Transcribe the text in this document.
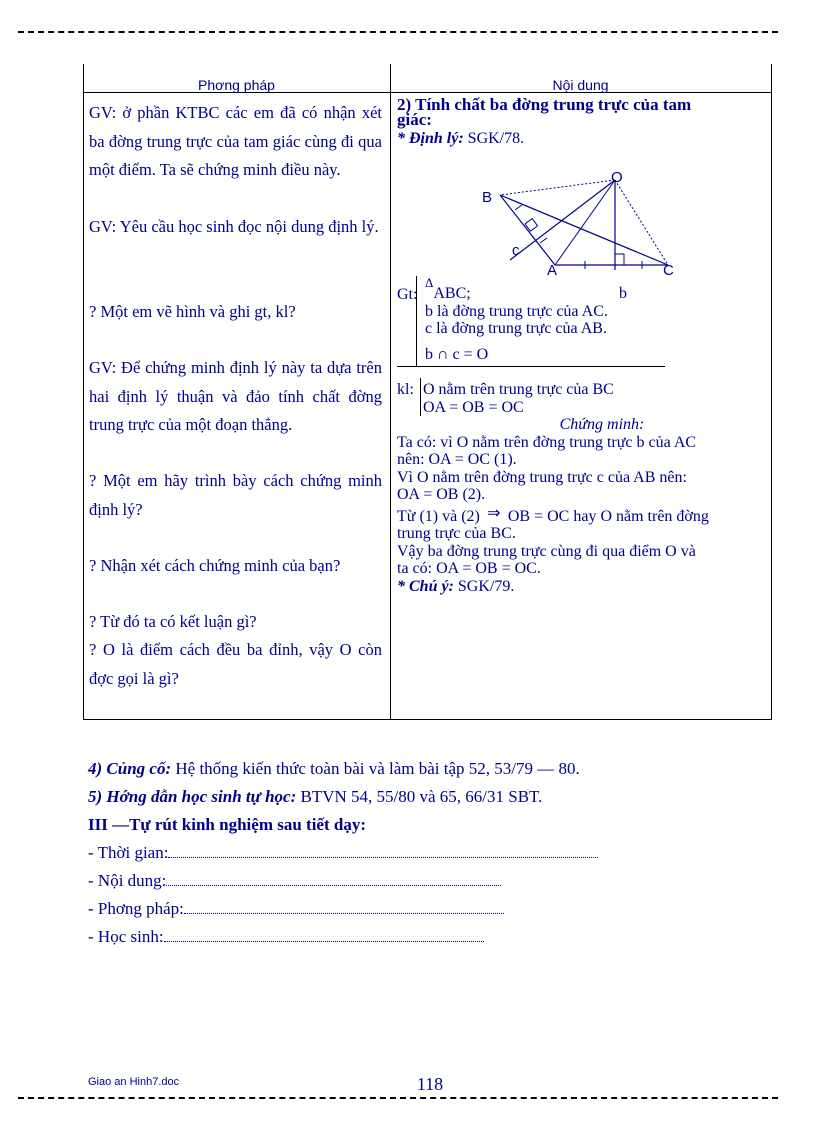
Phơng pháp	Nội dung

GV: ở phần KTBC các em đã có nhận xét ba đờng trung trực của tam giác cùng đi qua một điểm. Ta sẽ chứng minh điều này.

GV: Yêu cầu học sinh đọc nội dung định lý.

? Một em vẽ hình và ghi gt, kl?

GV: Để chứng minh định lý này ta dựa trên hai định lý thuận và đảo tính chất đờng trung trực của một đoạn thẳng.

? Một em hãy trình bày cách chứng minh định lý?

? Nhận xét cách chứng minh của bạn?

? Từ đó ta có kết luận gì?

? O là điểm cách đều ba đỉnh, vậy O còn đợc gọi là gì?

2) Tính chất ba đờng trung trực của tam
giác:
* Định lý: SGK/78.
O
B
A	C
c
Gt:
$^\Delta$ABC;	b
b là đờng trung trực của AC.
c là đờng trung trực của AB.
b ∩ c = O
kl: O nằm trên trung trực của BC
OA = OB = OC
Chứng minh:
Ta có: vì O nằm trên đờng trung trực b của AC
nên: OA = OC (1).
Vì O nằm trên đờng trung trực c của AB nên:
OA = OB (2).
Từ (1) và (2) ⇒ OB = OC hay O nằm trên đờng
trung trực của BC.
Vậy ba đờng trung trực cùng đi qua điểm O và
ta có: OA = OB = OC.
* Chú ý: SGK/79.
4) Củng cố: Hệ thống kiến thức toàn bài và làm bài tập 52, 53/79 — 80.
5) Hớng dẫn học sinh tự học: BTVN 54, 55/80 và 65, 66/31 SBT.
III —Tự rút kinh nghiệm sau tiết dạy:
- Thời gian:
- Nội dung:
- Phơng pháp:
- Học sinh:
Giao an Hinh7.doc	118
